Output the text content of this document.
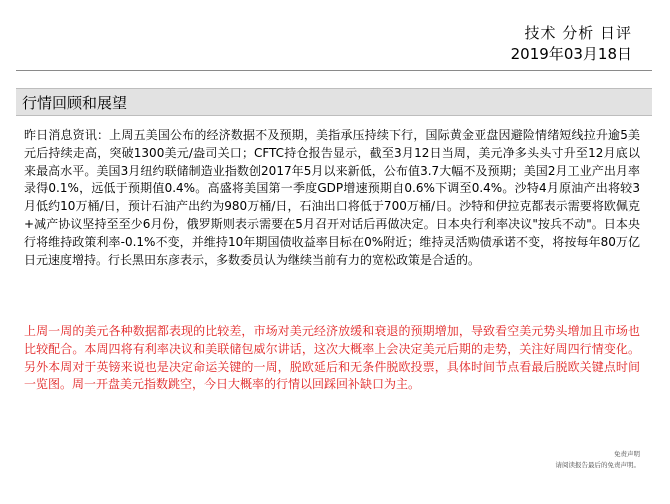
技术 分析 日评
2019年03月18日
行情回顾和展望
昨日消息资讯：上周五美国公布的经济数据不及预期，美指承压持续下行，国际黄金亚盘因避险情绪短线拉升逾5美元后持续走高，突破1300美元/盎司关口；CFTC持仓报告显示，截至3月12日当周，美元净多头头寸升至12月底以来最高水平。美国3月纽约联储制造业指数创2017年5月以来新低，公布值3.7大幅不及预期；美国2月工业产出月率录得0.1%，远低于预期值0.4%。高盛将美国第一季度GDP增速预期自0.6%下调至0.4%。沙特4月原油产出将较3月低约10万桶/日，预计石油产出约为980万桶/日，石油出口将低于700万桶/日。沙特和伊拉克都表示需要将欧佩克+减产协议坚持至至少6月份，俄罗斯则表示需要在5月召开对话后再做决定。日本央行利率决议"按兵不动"。日本央行将维持政策利率-0.1%不变，并维持10年期国债收益率目标在0%附近；维持灵活购债承诺不变，将按每年80万亿日元速度增持。行长黑田东彦表示，多数委员认为继续当前有力的宽松政策是合适的。
上周一周的美元各种数据都表现的比较差，市场对美元经济放缓和衰退的预期增加，导致看空美元势头增加且市场也比较配合。本周四将有利率决议和美联储包威尔讲话，这次大概率上会决定美元后期的走势，关注好周四行情变化。另外本周对于英镑来说也是决定命运关键的一周，脱欧延后和无条件脱欧投票，具体时间节点看最后脱欧关键点时间一览图。周一开盘美元指数跳空，今日大概率的行情以回踩回补缺口为主。
免责声明
请阅读报告最后的免责声明。
